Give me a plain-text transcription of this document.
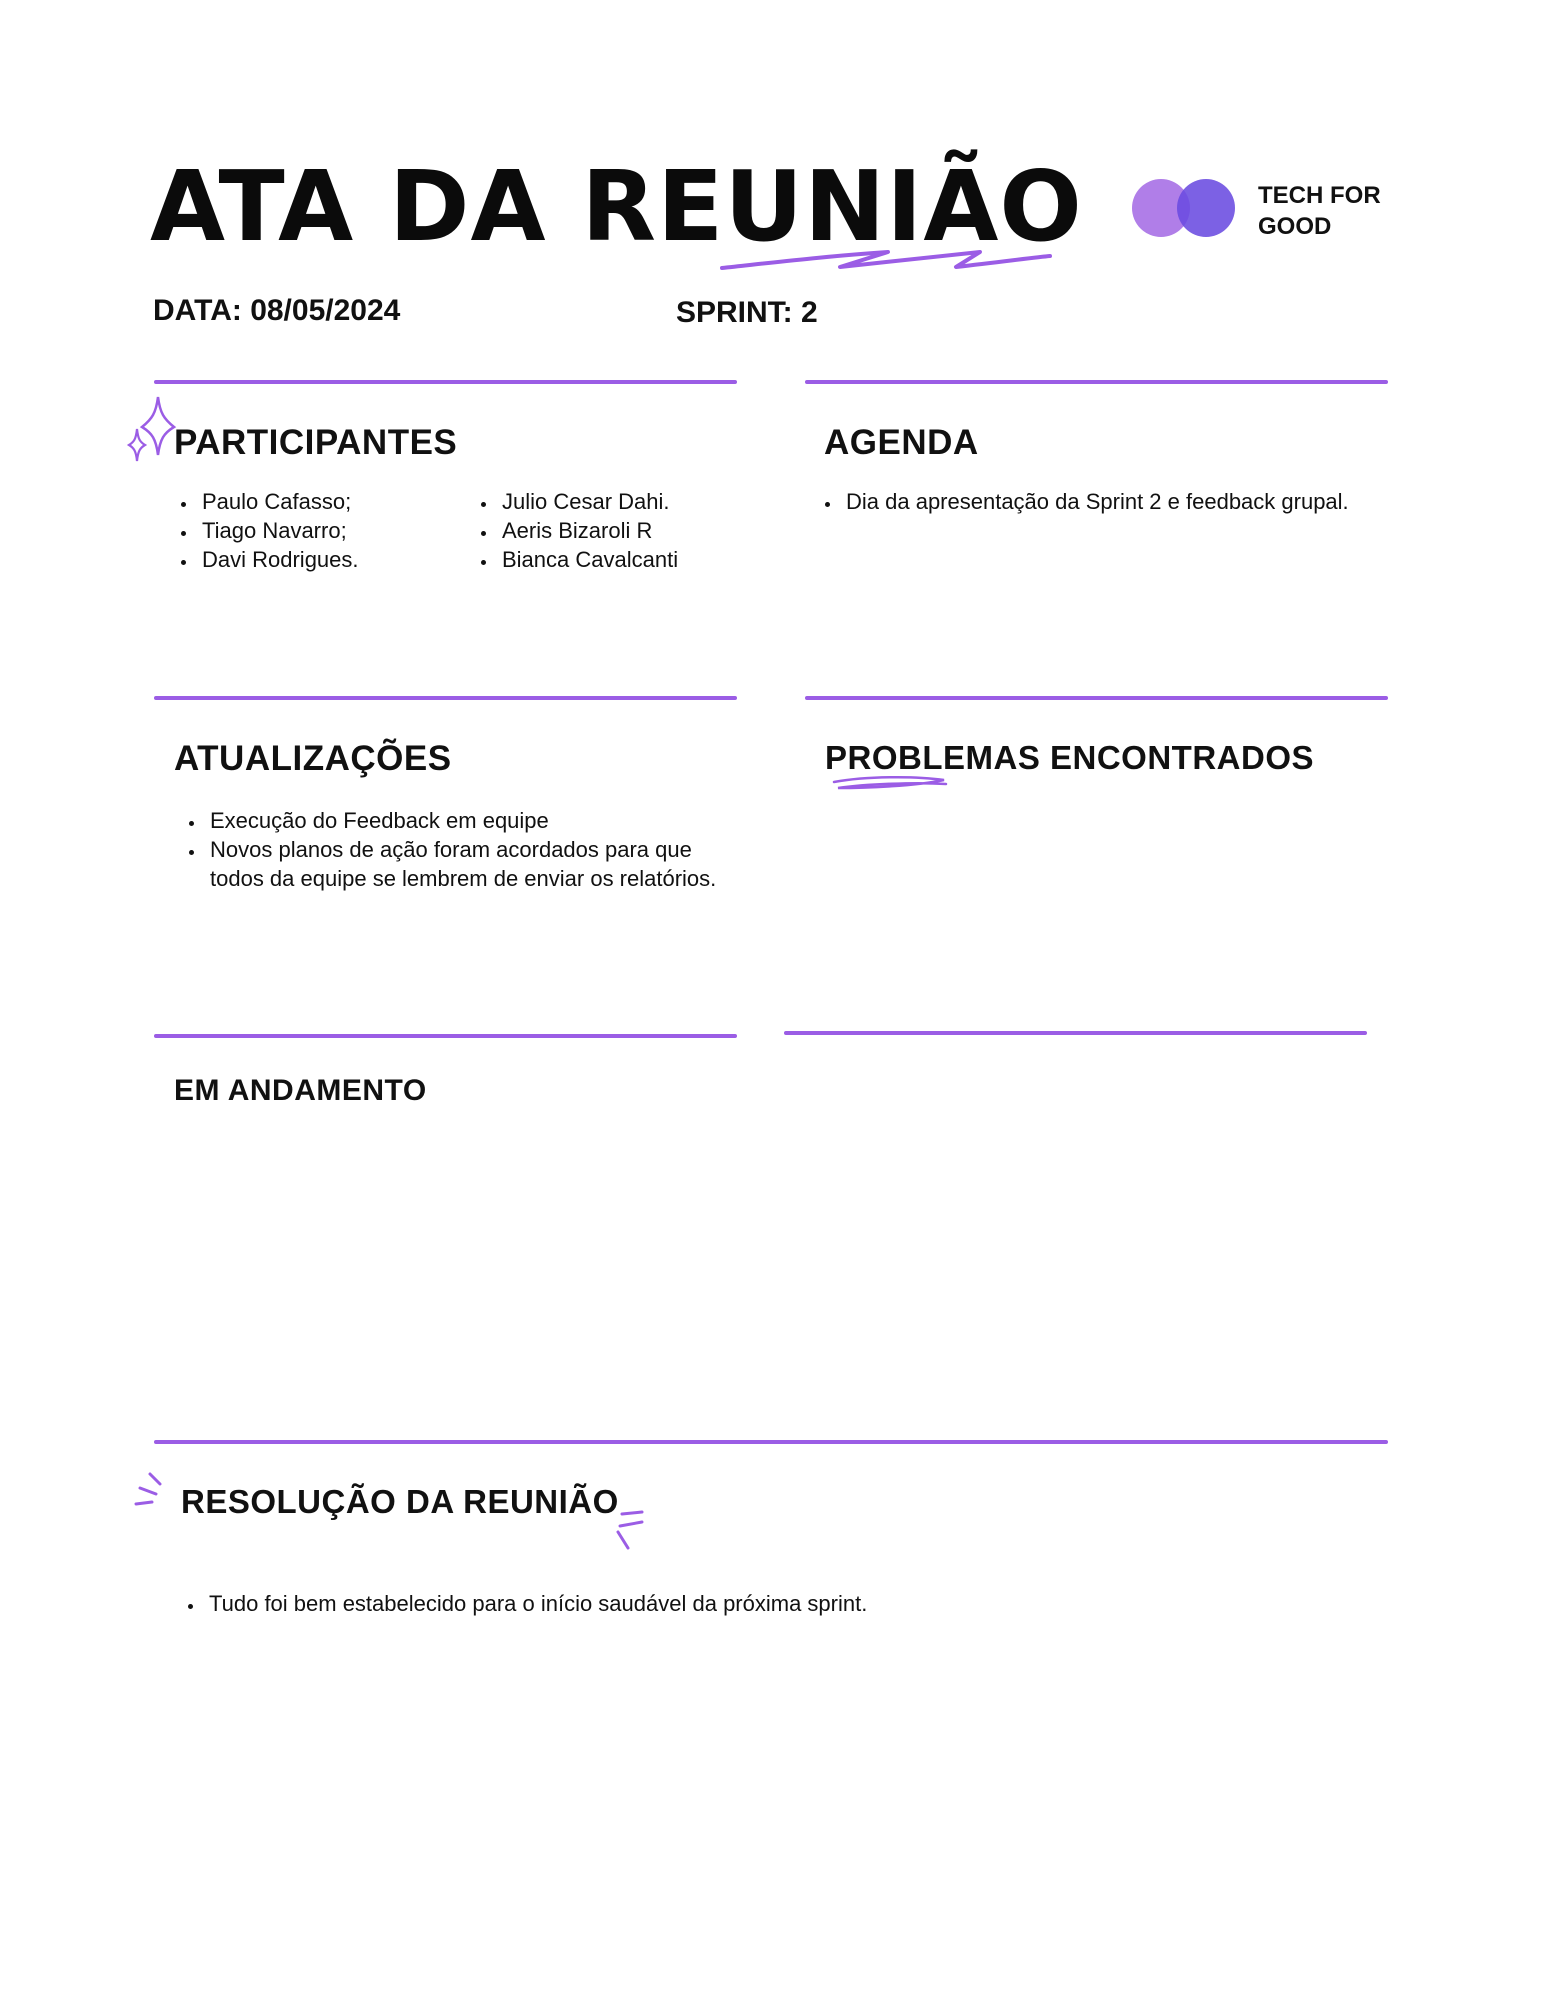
ATA DA REUNIÃO	TECH FOR
GOOD
DATA: 08/05/2024	SPRINT: 2
PARTICIPANTES
• Paulo Cafasso;
• Tiago Navarro;
• Davi Rodrigues.
• Julio Cesar Dahi.
• Aeris Bizaroli R
• Bianca Cavalcanti
AGENDA
• Dia da apresentação da Sprint 2 e feedback grupal.
ATUALIZAÇÕES
• Execução do Feedback em equipe
• Novos planos de ação foram acordados para que todos da equipe se lembrem de enviar os relatórios.
PROBLEMAS ENCONTRADOS
EM ANDAMENTO
RESOLUÇÃO DA REUNIÃO
• Tudo foi bem estabelecido para o início saudável da próxima sprint.
